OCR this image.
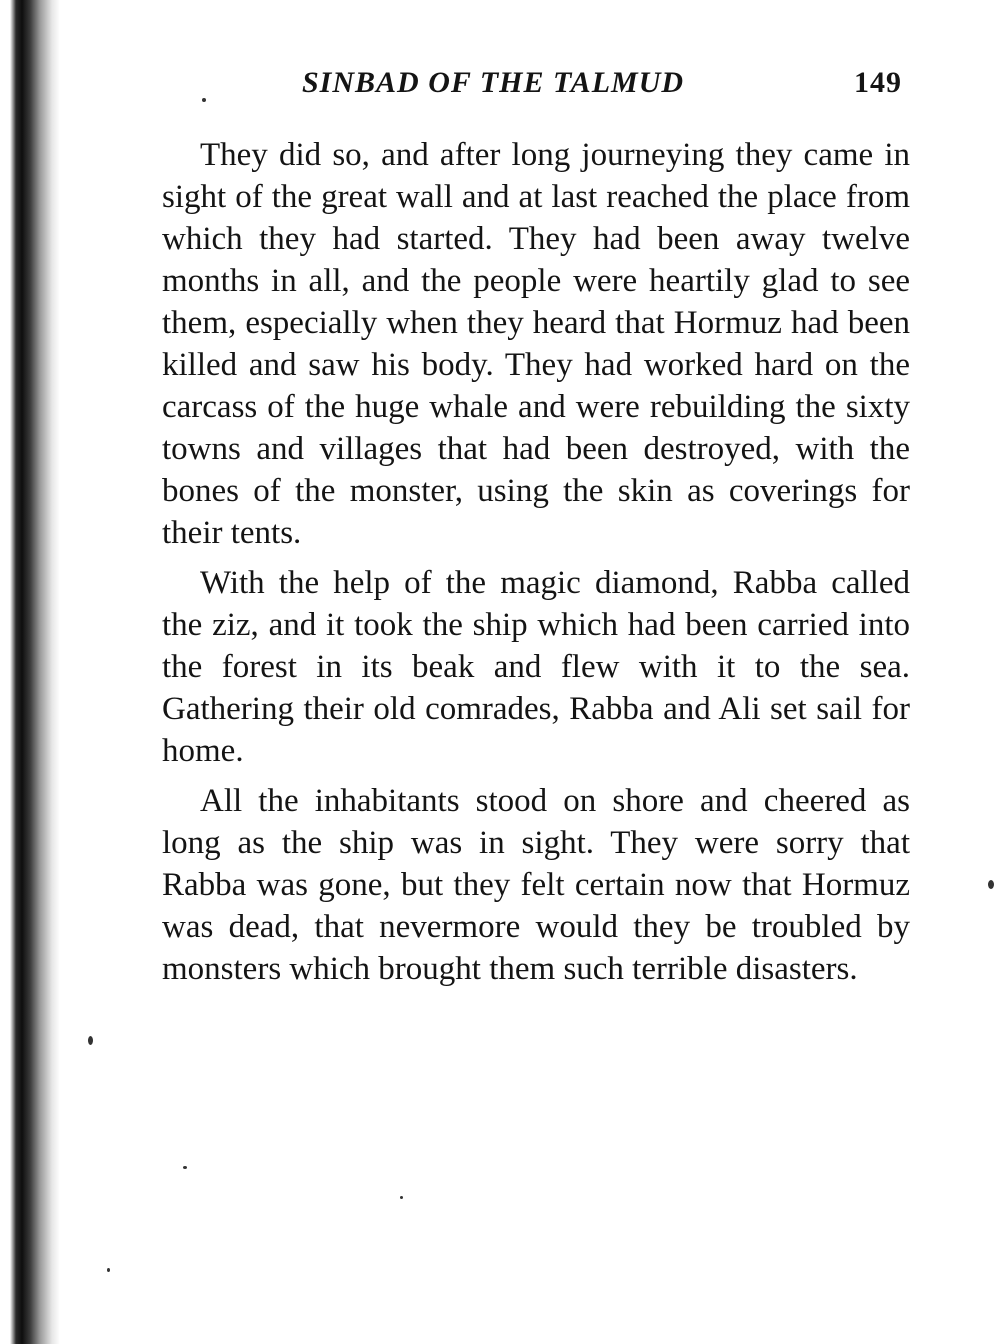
SINBAD OF THE TALMUD	149

They did so, and after long journeying they came in sight of the great wall and at last reached the place from which they had started. They had been away twelve months in all, and the people were heartily glad to see them, especially when they heard that Hormuz had been killed and saw his body. They had worked hard on the carcass of the huge whale and were rebuilding the sixty towns and villages that had been destroyed, with the bones of the monster, using the skin as coverings for their tents.

With the help of the magic diamond, Rabba called the ziz, and it took the ship which had been carried into the forest in its beak and flew with it to the sea. Gathering their old comrades, Rabba and Ali set sail for home.

All the inhabitants stood on shore and cheered as long as the ship was in sight. They were sorry that Rabba was gone, but they felt certain now that Hormuz was dead, that nevermore would they be troubled by monsters which brought them such terrible disasters.
